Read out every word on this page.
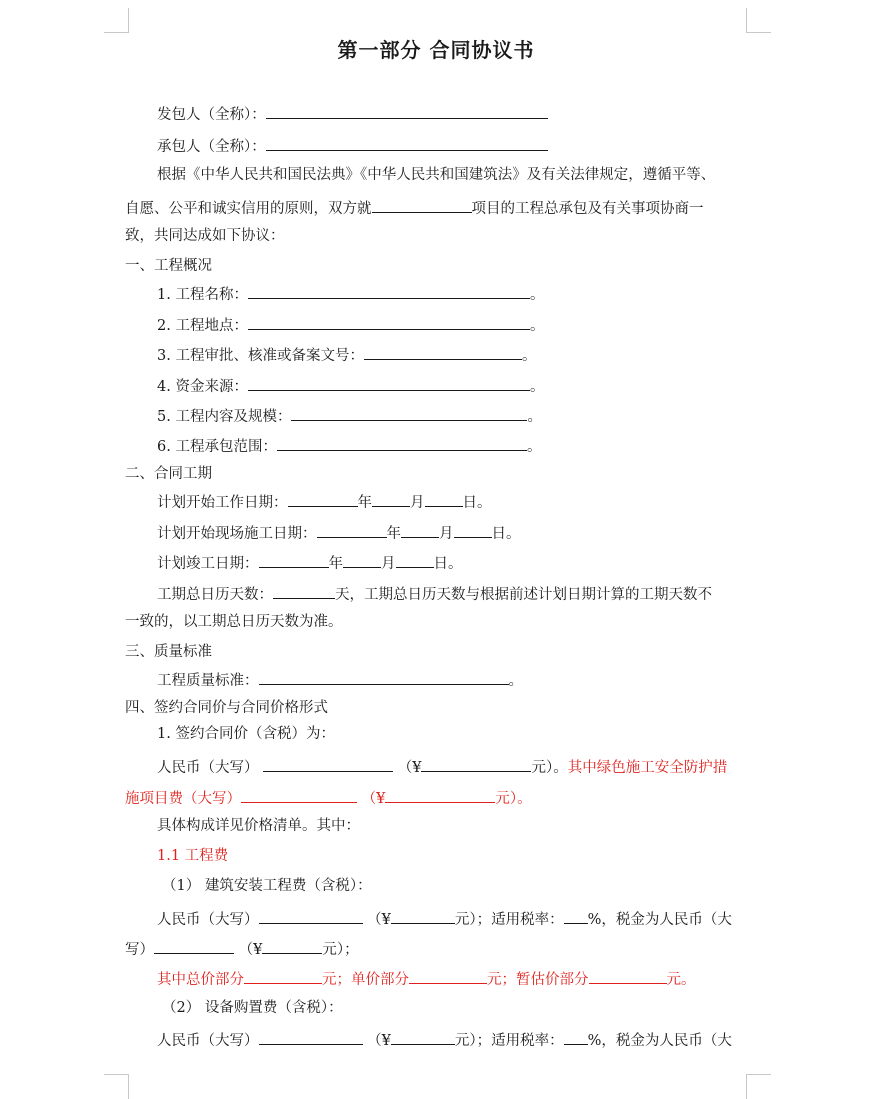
第一部分 合同协议书
发包人（全称）：
承包人（全称）：
根据《中华人民共和国民法典》《中华人民共和国建筑法》及有关法律规定，遵循平等、
自愿、公平和诚实信用的原则，双方就	项目的工程总承包及有关事项协商一
致，共同达成如下协议：
一、工程概况
1. 工程名称：	。
2. 工程地点：	。
3. 工程审批、核准或备案文号：	。
4. 资金来源：	。
5. 工程内容及规模：	。
6. 工程承包范围：	。
二、合同工期
计划开始工作日期：	年	月	日。
计划开始现场施工日期：	年	月	日。
计划竣工日期：	年	月	日。
工期总日历天数：	天，工期总日历天数与根据前述计划日期计算的工期天数不
一致的，以工期总日历天数为准。
三、质量标准
工程质量标准：	。
四、签约合同价与合同价格形式
1. 签约合同价（含税）为：
人民币（大写）	（¥	元）。其中绿色施工安全防护措
施项目费（大写）	（¥	元）。
具体构成详见价格清单。其中：
1.1 工程费
（1） 建筑安装工程费（含税）：
人民币（大写）	（¥	元）；适用税率： %，税金为人民币（大
写）	（¥	元）；
其中总价部分	元；单价部分	元；暂估价部分	元。
（2） 设备购置费（含税）：
人民币（大写）	（¥	元）；适用税率： %，税金为人民币（大
